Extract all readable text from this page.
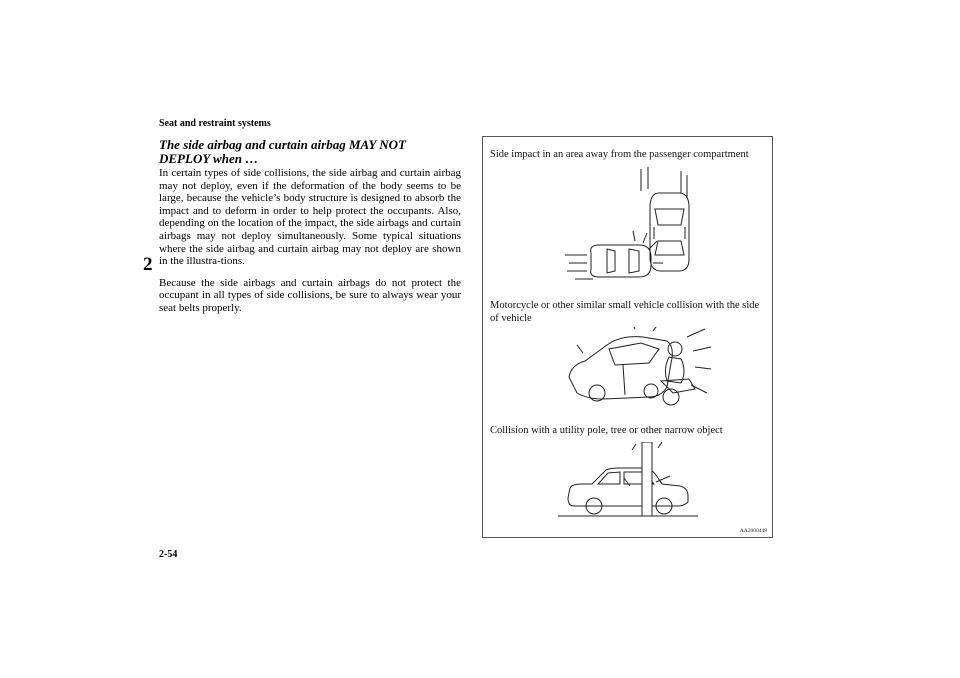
Seat and restraint systems
2

The side airbag and curtain airbag MAY NOT DEPLOY when …

In certain types of side collisions, the side airbag and curtain airbag may not deploy, even if the deformation of the body seems to be large, because the vehicle’s body structure is designed to absorb the impact and to deform in order to help protect the occupants. Also, depending on the location of the impact, the side airbags and curtain airbags may not deploy simultaneously. Some typical situations where the side airbag and curtain airbag may not deploy are shown in the illustra-tions.

Because the side airbags and curtain airbags do not protect the occupant in all types of side collisions, be sure to always wear your seat belts properly.

Side impact in an area away from the passenger compartment
Motorcycle or other similar small vehicle collision with the side of vehicle
Collision with a utility pole, tree or other narrow object
AA2000448
2-54
